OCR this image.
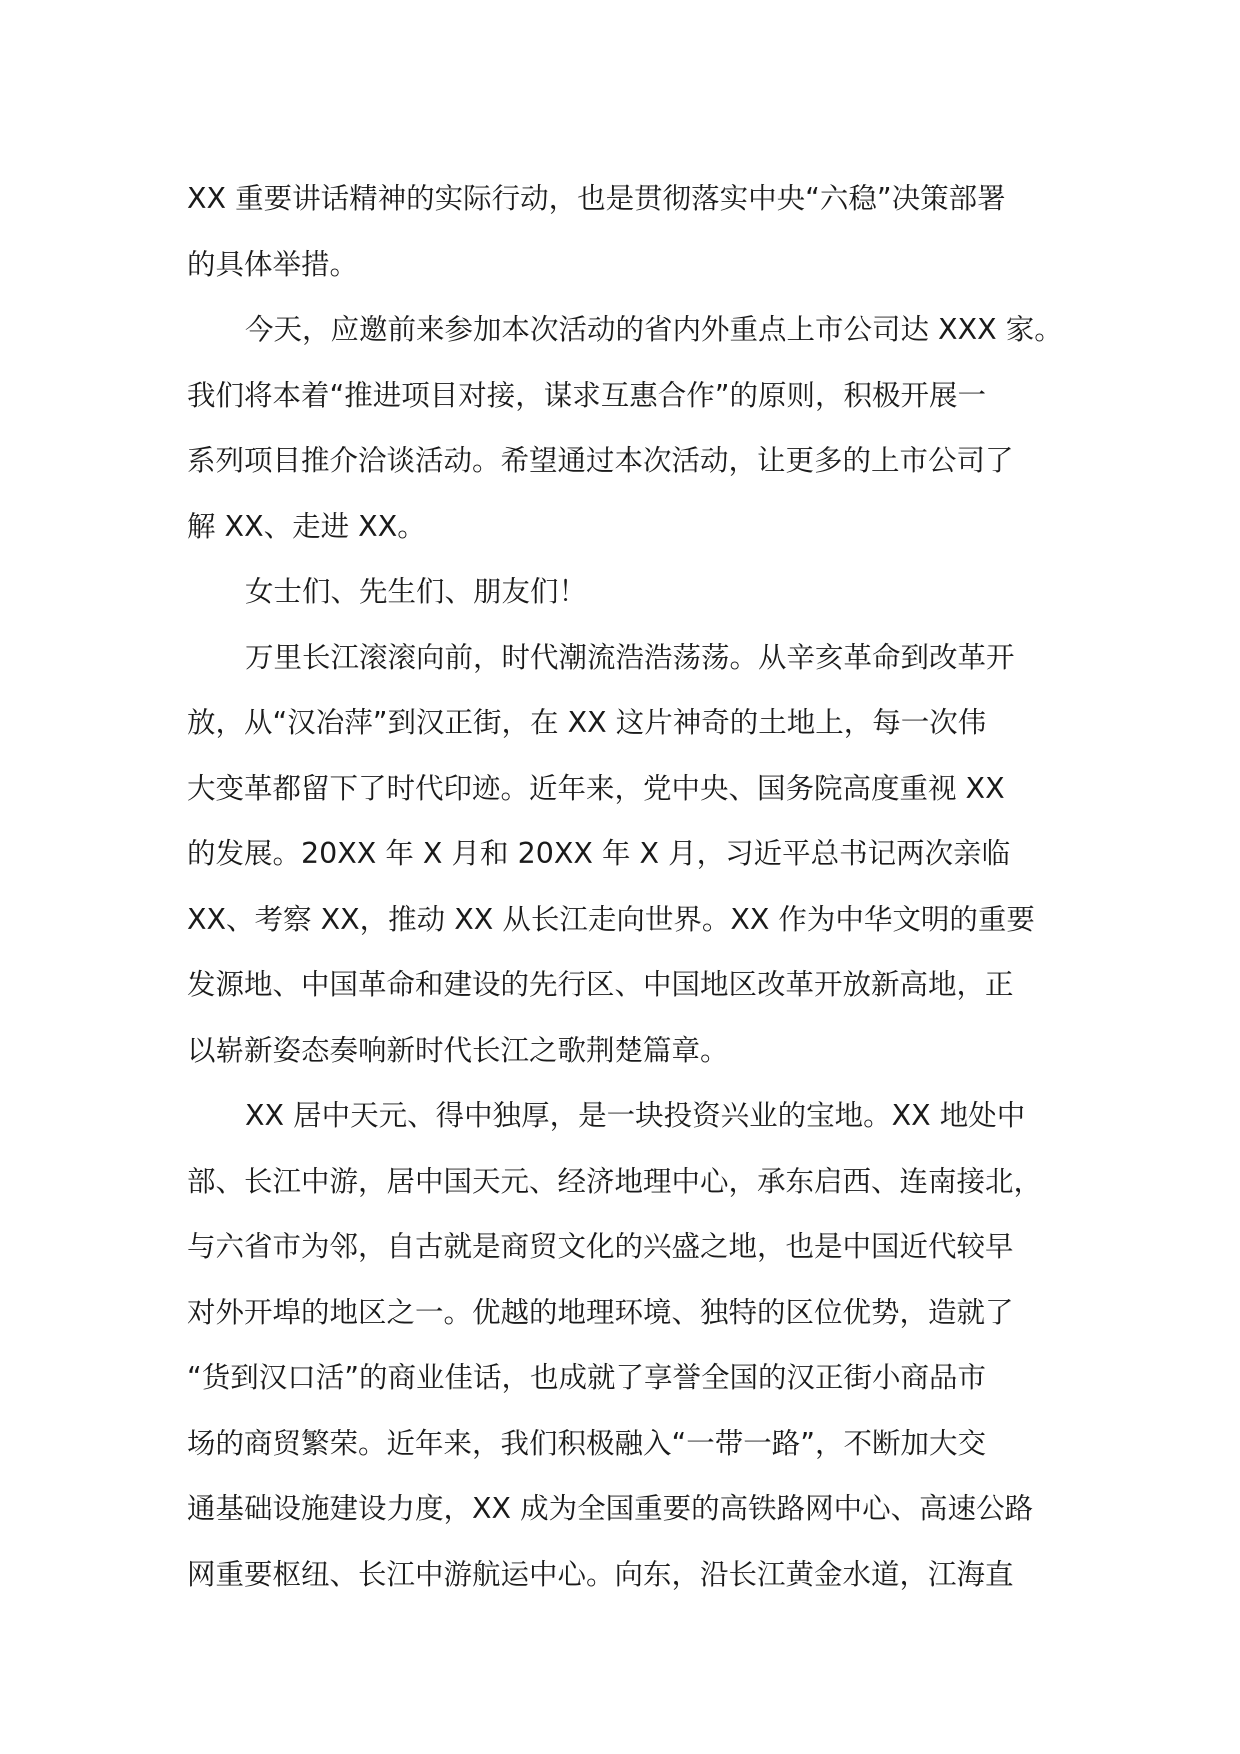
XX 重要讲话精神的实际行动，也是贯彻落实中央“六稳”决策部署
的具体举措。
今天，应邀前来参加本次活动的省内外重点上市公司达 XXX 家。
我们将本着“推进项目对接，谋求互惠合作”的原则，积极开展一
系列项目推介洽谈活动。希望通过本次活动，让更多的上市公司了
解 XX、走进 XX。
女士们、先生们、朋友们！
万里长江滚滚向前，时代潮流浩浩荡荡。从辛亥革命到改革开
放，从“汉冶萍”到汉正街，在 XX 这片神奇的土地上，每一次伟
大变革都留下了时代印迹。近年来，党中央、国务院高度重视 XX
的发展。20XX 年 X 月和 20XX 年 X 月，习近平总书记两次亲临
XX、考察 XX，推动 XX 从长江走向世界。XX 作为中华文明的重要
发源地、中国革命和建设的先行区、中国地区改革开放新高地，正
以崭新姿态奏响新时代长江之歌荆楚篇章。
XX 居中天元、得中独厚，是一块投资兴业的宝地。XX 地处中
部、长江中游，居中国天元、经济地理中心，承东启西、连南接北，
与六省市为邻，自古就是商贸文化的兴盛之地，也是中国近代较早
对外开埠的地区之一。优越的地理环境、独特的区位优势，造就了
“货到汉口活”的商业佳话，也成就了享誉全国的汉正街小商品市
场的商贸繁荣。近年来，我们积极融入“一带一路”，不断加大交
通基础设施建设力度，XX 成为全国重要的高铁路网中心、高速公路
网重要枢纽、长江中游航运中心。向东，沿长江黄金水道，江海直
